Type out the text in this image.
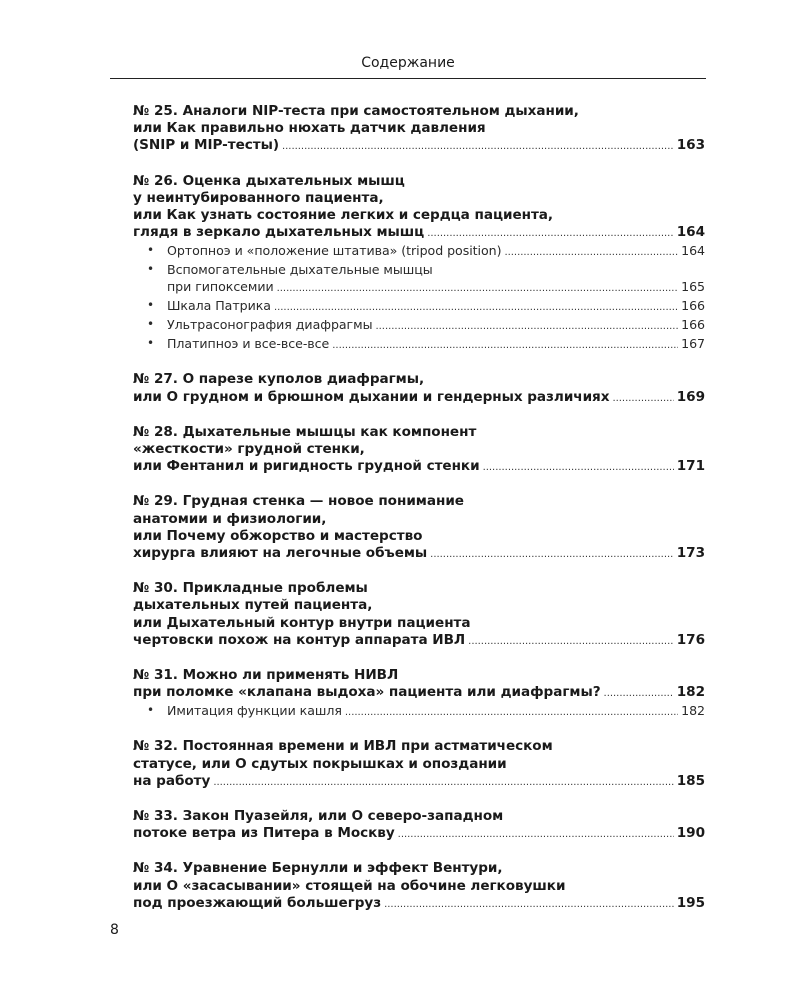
Содержание
№ 25. Аналоги NIP-теста при самостоятельном дыхании,
или Как правильно нюхать датчик давления
(SNIP и MIP-тесты) . . .	163
№ 26. Оценка дыхательных мышц
у неинтубированного пациента,
или Как узнать состояние легких и сердца пациента,
глядя в зеркало дыхательных мышц . . .	164
• Ортопноэ и «положение штатива» (tripod position) . . .	164
• Вспомогательные дыхательные мышцы
при гипоксемии . . .	165
• Шкала Патрика . . .	166
• Ультрасонография диафрагмы . . .	166
• Платипноэ и все-все-все . . .	167
№ 27. О парезе куполов диафрагмы,
или О грудном и брюшном дыхании и гендерных различиях . . .	169
№ 28. Дыхательные мышцы как компонент
«жесткости» грудной стенки,
или Фентанил и ригидность грудной стенки . . .	171
№ 29. Грудная стенка — новое понимание
анатомии и физиологии,
или Почему обжорство и мастерство
хирурга влияют на легочные объемы . . .	173
№ 30. Прикладные проблемы
дыхательных путей пациента,
или Дыхательный контур внутри пациента
чертовски похож на контур аппарата ИВЛ . . .	176
№ 31. Можно ли применять НИВЛ
при поломке «клапана выдоха» пациента или диафрагмы? . . .	182
• Имитация функции кашля . . .	182
№ 32. Постоянная времени и ИВЛ при астматическом
статусе, или О сдутых покрышках и опоздании
на работу . . .	185
№ 33. Закон Пуазейля, или О северо-западном
потоке ветра из Питера в Москву . . .	190
№ 34. Уравнение Бернулли и эффект Вентури,
или О «засасывании» стоящей на обочине легковушки
под проезжающий большегруз . . .	195
8
